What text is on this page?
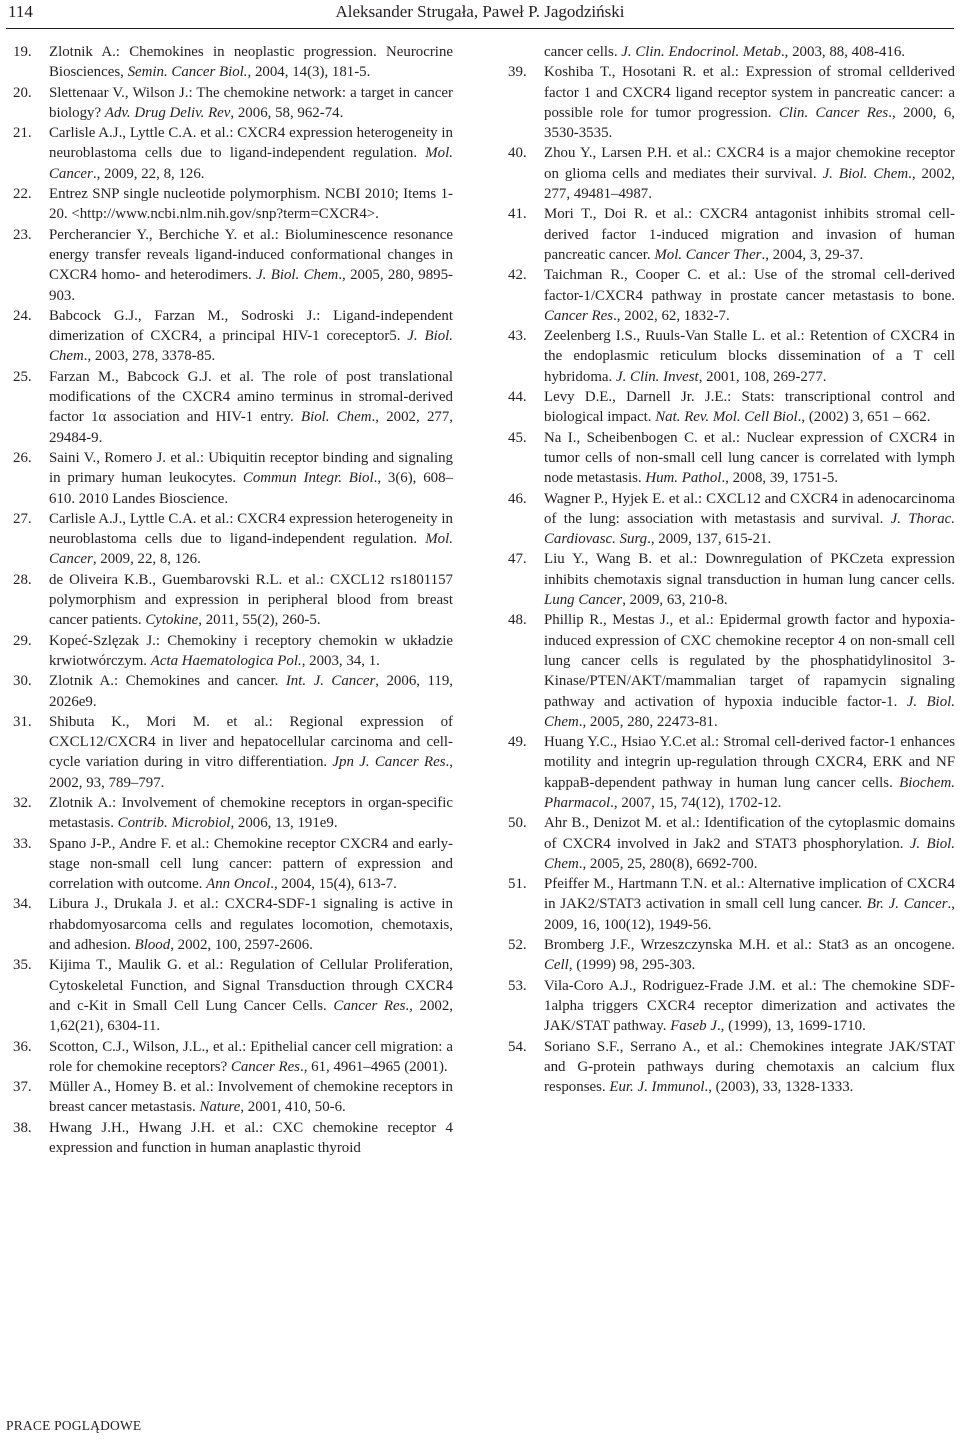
114	Aleksander Strugała, Paweł P. Jagodziński
19. Zlotnik A.: Chemokines in neoplastic progression. Neurocrine Biosciences, Semin. Cancer Biol., 2004, 14(3), 181-5.
20. Slettenaar V., Wilson J.: The chemokine network: a target in cancer biology? Adv. Drug Deliv. Rev, 2006, 58, 962-74.
21. Carlisle A.J., Lyttle C.A. et al.: CXCR4 expression heterogeneity in neuroblastoma cells due to ligand-independent regulation. Mol. Cancer., 2009, 22, 8, 126.
22. Entrez SNP single nucleotide polymorphism. NCBI 2010; Items 1-20. <http://www.ncbi.nlm.nih.gov/snp?term=CXCR4>.
23. Percherancier Y., Berchiche Y. et al.: Bioluminescence resonance energy transfer reveals ligand-induced conformational changes in CXCR4 homo- and heterodimers. J. Biol. Chem., 2005, 280, 9895-903.
24. Babcock G.J., Farzan M., Sodroski J.: Ligand-independent dimerization of CXCR4, a principal HIV-1 coreceptor5. J. Biol. Chem., 2003, 278, 3378-85.
25. Farzan M., Babcock G.J. et al. The role of post translational modifications of the CXCR4 amino terminus in stromal-derived factor 1α association and HIV-1 entry. Biol. Chem., 2002, 277, 29484-9.
26. Saini V., Romero J. et al.: Ubiquitin receptor binding and signaling in primary human leukocytes. Commun Integr. Biol., 3(6), 608–610. 2010 Landes Bioscience.
27. Carlisle A.J., Lyttle C.A. et al.: CXCR4 expression heterogeneity in neuroblastoma cells due to ligand-independent regulation. Mol. Cancer, 2009, 22, 8, 126.
28. de Oliveira K.B., Guembarovski R.L. et al.: CXCL12 rs1801157 polymorphism and expression in peripheral blood from breast cancer patients. Cytokine, 2011, 55(2), 260-5.
29. Kopeć-Szlęzak J.: Chemokiny i receptory chemokin w układzie krwiotwórczym. Acta Haematologica Pol., 2003, 34, 1.
30. Zlotnik A.: Chemokines and cancer. Int. J. Cancer, 2006, 119, 2026e9.
31. Shibuta K., Mori M. et al.: Regional expression of CXCL12/CXCR4 in liver and hepatocellular carcinoma and cell-cycle variation during in vitro differentiation. Jpn J. Cancer Res., 2002, 93, 789–797.
32. Zlotnik A.: Involvement of chemokine receptors in organ-specific metastasis. Contrib. Microbiol, 2006, 13, 191e9.
33. Spano J-P., Andre F. et al.: Chemokine receptor CXCR4 and early-stage non-small cell lung cancer: pattern of expression and correlation with outcome. Ann Oncol., 2004, 15(4), 613-7.
34. Libura J., Drukala J. et al.: CXCR4-SDF-1 signaling is active in rhabdomyosarcoma cells and regulates locomotion, chemotaxis, and adhesion. Blood, 2002, 100, 2597-2606.
35. Kijima T., Maulik G. et al.: Regulation of Cellular Proliferation, Cytoskeletal Function, and Signal Transduction through CXCR4 and c-Kit in Small Cell Lung Cancer Cells. Cancer Res., 2002, 1,62(21), 6304-11.
36. Scotton, C.J., Wilson, J.L., et al.: Epithelial cancer cell migration: a role for chemokine receptors? Cancer Res., 61, 4961–4965 (2001).
37. Müller A., Homey B. et al.: Involvement of chemokine receptors in breast cancer metastasis. Nature, 2001, 410, 50-6.
38. Hwang J.H., Hwang J.H. et al.: CXC chemokine receptor 4 expression and function in human anaplastic thyroid
cancer cells. J. Clin. Endocrinol. Metab., 2003, 88, 408-416.
39. Koshiba T., Hosotani R. et al.: Expression of stromal cellderived factor 1 and CXCR4 ligand receptor system in pancreatic cancer: a possible role for tumor progression. Clin. Cancer Res., 2000, 6, 3530-3535.
40. Zhou Y., Larsen P.H. et al.: CXCR4 is a major chemokine receptor on glioma cells and mediates their survival. J. Biol. Chem., 2002, 277, 49481–4987.
41. Mori T., Doi R. et al.: CXCR4 antagonist inhibits stromal cell-derived factor 1-induced migration and invasion of human pancreatic cancer. Mol. Cancer Ther., 2004, 3, 29-37.
42. Taichman R., Cooper C. et al.: Use of the stromal cell-derived factor-1/CXCR4 pathway in prostate cancer metastasis to bone. Cancer Res., 2002, 62, 1832-7.
43. Zeelenberg I.S., Ruuls-Van Stalle L. et al.: Retention of CXCR4 in the endoplasmic reticulum blocks dissemination of a T cell hybridoma. J. Clin. Invest, 2001, 108, 269-277.
44. Levy D.E., Darnell Jr. J.E.: Stats: transcriptional control and biological impact. Nat. Rev. Mol. Cell Biol., (2002) 3, 651 – 662.
45. Na I., Scheibenbogen C. et al.: Nuclear expression of CXCR4 in tumor cells of non-small cell lung cancer is correlated with lymph node metastasis. Hum. Pathol., 2008, 39, 1751-5.
46. Wagner P., Hyjek E. et al.: CXCL12 and CXCR4 in adenocarcinoma of the lung: association with metastasis and survival. J. Thorac. Cardiovasc. Surg., 2009, 137, 615-21.
47. Liu Y., Wang B. et al.: Downregulation of PKCzeta expression inhibits chemotaxis signal transduction in human lung cancer cells. Lung Cancer, 2009, 63, 210-8.
48. Phillip R., Mestas J., et al.: Epidermal growth factor and hypoxia-induced expression of CXC chemokine receptor 4 on non-small cell lung cancer cells is regulated by the phosphatidylinositol 3-Kinase/PTEN/AKT/mammalian target of rapamycin signaling pathway and activation of hypoxia inducible factor-1. J. Biol. Chem., 2005, 280, 22473-81.
49. Huang Y.C., Hsiao Y.C.et al.: Stromal cell-derived factor-1 enhances motility and integrin up-regulation through CXCR4, ERK and NF kappaB-dependent pathway in human lung cancer cells. Biochem. Pharmacol., 2007, 15, 74(12), 1702-12.
50. Ahr B., Denizot M. et al.: Identification of the cytoplasmic domains of CXCR4 involved in Jak2 and STAT3 phosphorylation. J. Biol. Chem., 2005, 25, 280(8), 6692-700.
51. Pfeiffer M., Hartmann T.N. et al.: Alternative implication of CXCR4 in JAK2/STAT3 activation in small cell lung cancer. Br. J. Cancer., 2009, 16, 100(12), 1949-56.
52. Bromberg J.F., Wrzeszczynska M.H. et al.: Stat3 as an oncogene. Cell, (1999) 98, 295-303.
53. Vila-Coro A.J., Rodriguez-Frade J.M. et al.: The chemokine SDF-1alpha triggers CXCR4 receptor dimerization and activates the JAK/STAT pathway. Faseb J., (1999), 13, 1699-1710.
54. Soriano S.F., Serrano A., et al.: Chemokines integrate JAK/STAT and G-protein pathways during chemotaxis an calcium flux responses. Eur. J. Immunol., (2003), 33, 1328-1333.
PRACE POGLĄDOWE
